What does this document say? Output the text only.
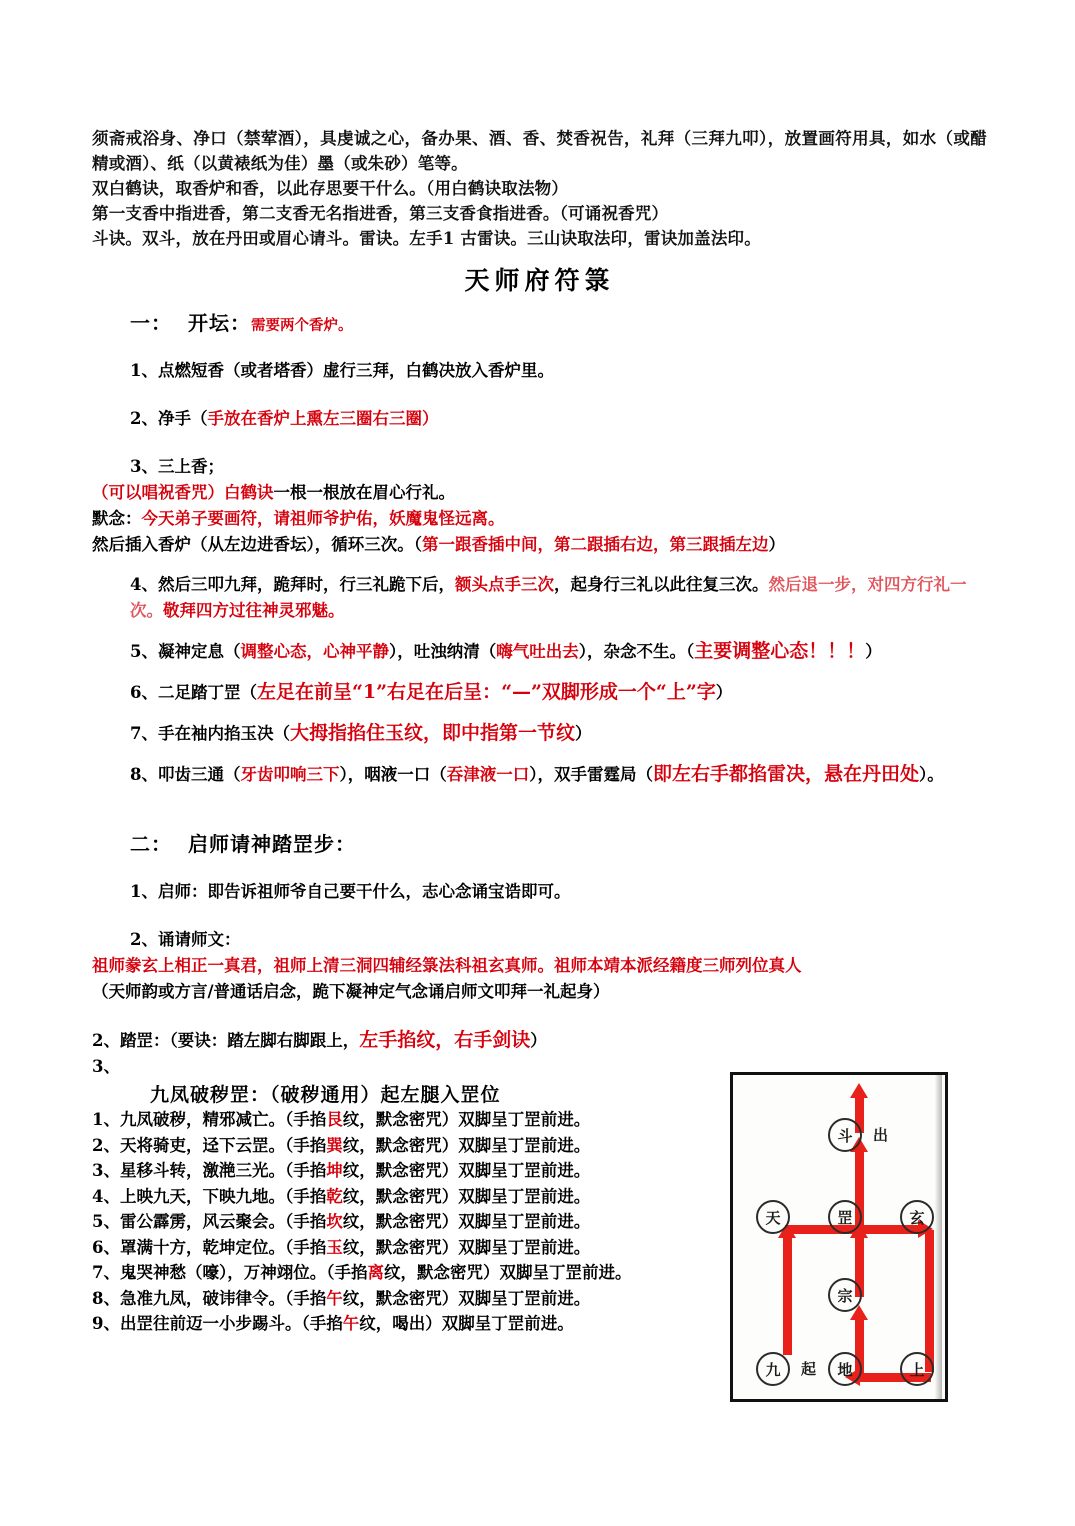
须斋戒浴身、净口（禁荤酒），具虔诚之心，备办果、酒、香、焚香祝告，礼拜（三拜九叩），放置画符用具，如水（或醋精或酒）、纸（以黄裱纸为佳）墨（或朱砂）笔等。

双白鹤诀，取香炉和香，以此存思要干什么。（用白鹤诀取法物）

第一支香中指进香，第二支香无名指进香，第三支香食指进香。（可诵祝香咒）

斗诀。双斗，放在丹田或眉心请斗。雷诀。左手1 古雷诀。三山诀取法印，雷诀加盖法印。

天师府符箓
一： 开坛：需要两个香炉。
1、点燃短香（或者塔香）虚行三拜，白鹤决放入香炉里。
2、净手（手放在香炉上熏左三圈右三圈）
3、三上香；
（可以唱祝香咒）白鹤诀一根一根放在眉心行礼。
默念：今天弟子要画符，请祖师爷护佑，妖魔鬼怪远离。
然后插入香炉（从左边进香坛），循环三次。（第一跟香插中间，第二跟插右边，第三跟插左边）
4、然后三叩九拜，跪拜时，行三礼跪下后，额头点手三次，起身行三礼以此往复三次。然后退一步，对四方行礼一次。敬拜四方过往神灵邪魅。
5、凝神定息（调整心态，心神平静），吐浊纳清（嗨气吐出去），杂念不生。（主要调整心态！！！）
6、二足踏丁罡（左足在前呈“1”右足在后呈：“—”双脚形成一个“上”字）
7、手在袖内掐玉决（大拇指掐住玉纹，即中指第一节纹）
8、叩齿三通（牙齿叩响三下），咽液一口（吞津液一口），双手雷霆局（即左右手都掐雷决，悬在丹田处）。
二： 启师请神踏罡步：
1、启师：即告诉祖师爷自己要干什么，志心念诵宝诰即可。
2、诵请师文：
祖师豢玄上相正一真君，祖师上清三洞四辅经箓法科祖玄真师。祖师本靖本派经籍度三师列位真人
（天师韵或方言/普通话启念，跪下凝神定气念诵启师文叩拜一礼起身）
2、踏罡：（要诀：踏左脚右脚跟上，左手掐纹，右手剑诀）
3、
九凤破秽罡：（破秽通用）起左腿入罡位
1、九凤破秽，精邪减亡。（手掐艮纹，默念密咒）双脚呈丁罡前进。
2、天将骑吏，迳下云罡。（手掐巽纹，默念密咒）双脚呈丁罡前进。
3、星移斗转，激滟三光。（手掐坤纹，默念密咒）双脚呈丁罡前进。
4、上映九天，下映九地。（手掐乾纹，默念密咒）双脚呈丁罡前进。
5、雷公霹雳，风云聚会。（手掐坎纹，默念密咒）双脚呈丁罡前进。
6、罩满十方，乾坤定位。（手掐玉纹，默念密咒）双脚呈丁罡前进。
7、鬼哭神愁（嚎），万神翊位。（手掐离纹，默念密咒）双脚呈丁罡前进。
8、急准九凤，破讳律令。（手掐午纹，默念密咒）双脚呈丁罡前进。
9、出罡往前迈一小步踢斗。（手掐午纹，喝出）双脚呈丁罡前进。
斗
天	罡	玄
宗
九	地	上
出
起
